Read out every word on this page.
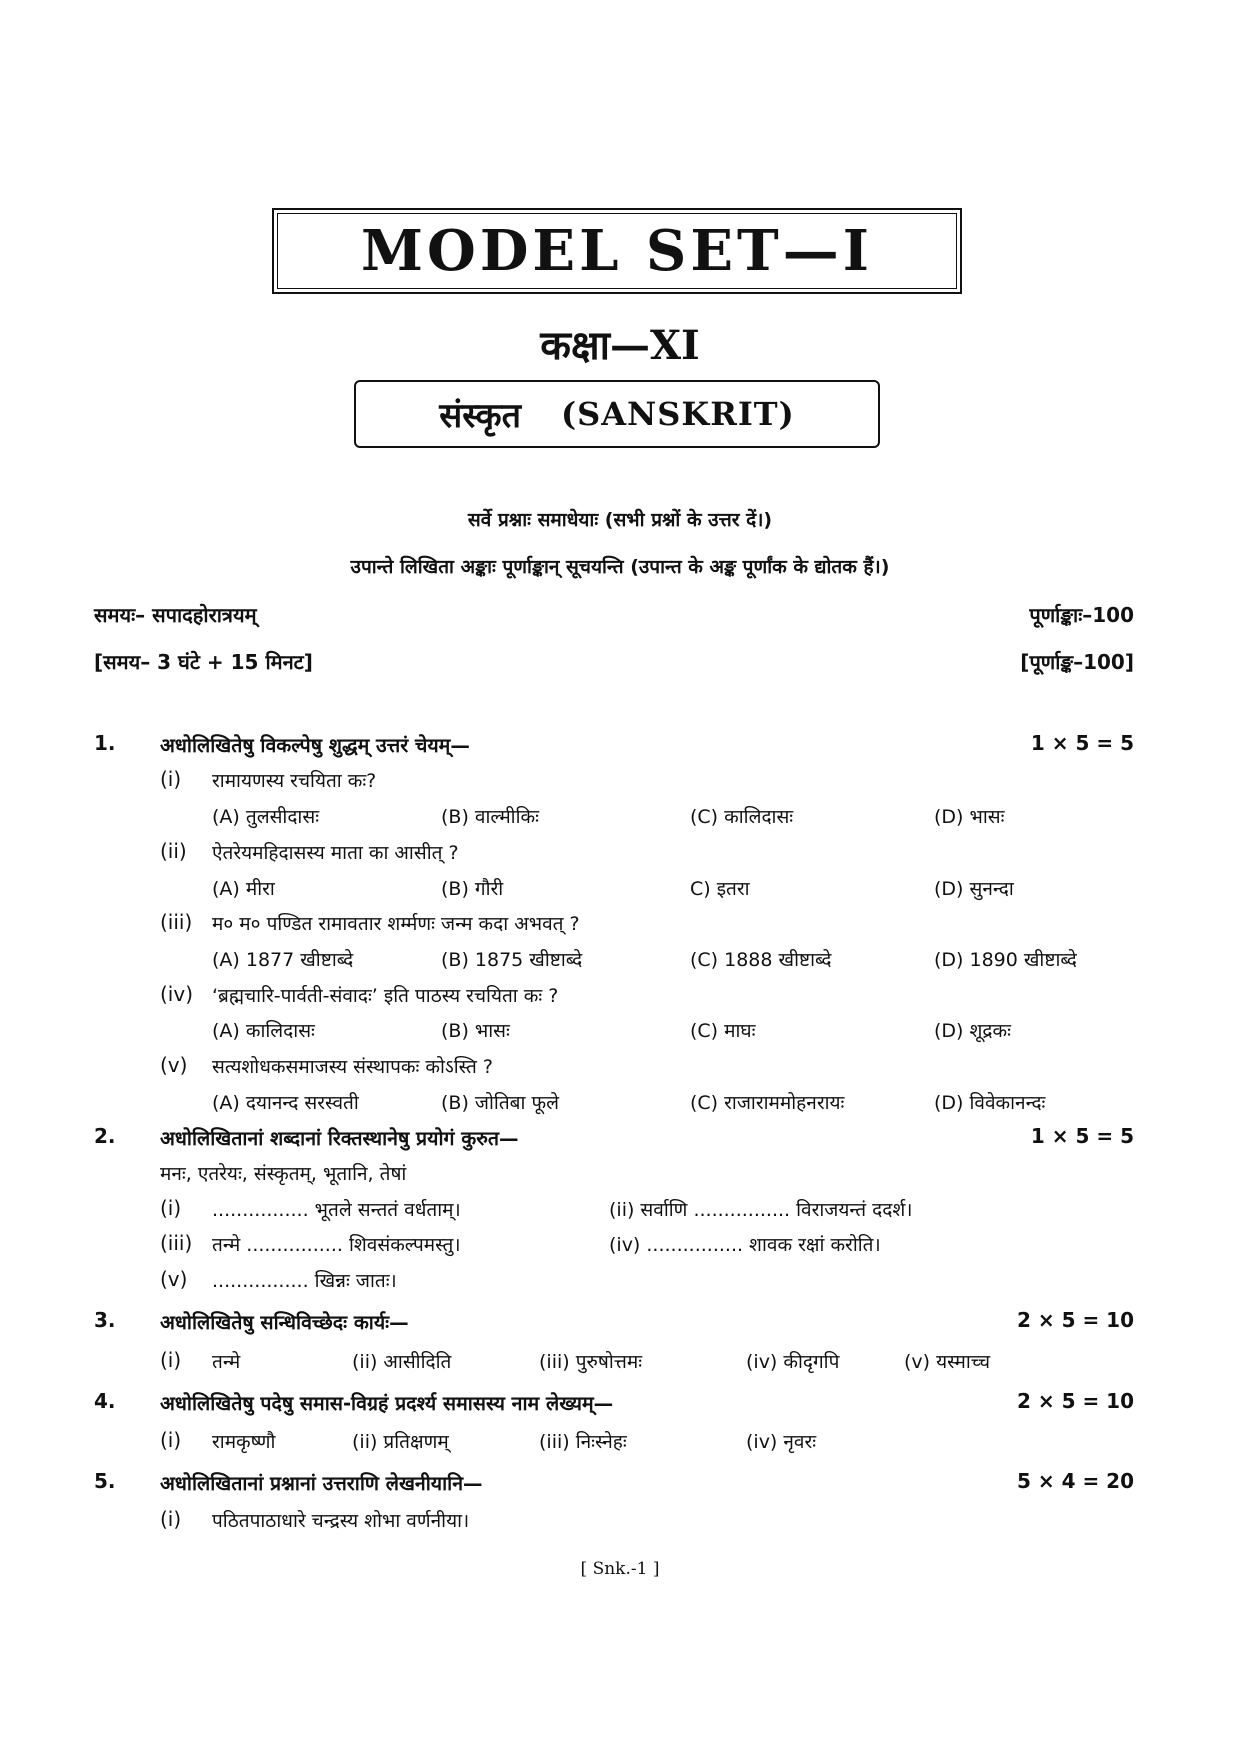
MODEL SET—I
कक्षा—XI
संस्कृत (SANSKRIT)
सर्वे प्रश्नाः समाधेयाः (सभी प्रश्नों के उत्तर दें।)
उपान्ते लिखिता अङ्काः पूर्णाङ्कान् सूचयन्ति (उपान्त के अङ्क पूर्णांक के द्योतक हैं।)
समयः– सपादहोरात्रयम्	पूर्णाङ्काः–100
[समय– 3 घंटे + 15 मिनट]	[पूर्णाङ्क–100]
1. अधोलिखितेषु विकल्पेषु शुद्धम् उत्तरं चेयम्—	1 × 5 = 5
(i) रामायणस्य रचयिता कः?
(A) तुलसीदासः	(B) वाल्मीकिः	(C) कालिदासः	(D) भासः
(ii) ऐतरेयमहिदासस्य माता का आसीत् ?
(A) मीरा	(B) गौरी	C) इतरा	(D) सुनन्दा
(iii) म० म० पण्डित रामावतार शर्म्मणः जन्म कदा अभवत् ?
(A) 1877 खीष्टाब्दे	(B) 1875 खीष्टाब्दे	(C) 1888 खीष्टाब्दे	(D) 1890 खीष्टाब्दे
(iv) ‘ब्रह्मचारि-पार्वती-संवादः’ इति पाठस्य रचयिता कः ?
(A) कालिदासः	(B) भासः	(C) माघः	(D) शूद्रकः
(v) सत्यशोधकसमाजस्य संस्थापकः कोऽस्ति ?
(A) दयानन्द सरस्वती	(B) जोतिबा फूले	(C) राजाराममोहनरायः	(D) विवेकानन्दः
2. अधोलिखितानां शब्दानां रिक्तस्थानेषु प्रयोगं कुरुत—	1 × 5 = 5
मनः, एतरेयः, संस्कृतम्, भूतानि, तेषां
(i) ................ भूतले सन्ततं वर्धताम्।	(ii) सर्वाणि ................ विराजयन्तं ददर्श।
(iii) तन्मे ................ शिवसंकल्पमस्तु।	(iv) ................ शावक रक्षां करोति।
(v) ................ खिन्नः जातः।
3. अधोलिखितेषु सन्धिविच्छेदः कार्यः—	2 × 5 = 10
(i) तन्मे	(ii) आसीदिति	(iii) पुरुषोत्तमः	(iv) कीदृगपि	(v) यस्माच्च
4. अधोलिखितेषु पदेषु समास-विग्रहं प्रदर्श्य समासस्य नाम लेख्यम्—	2 × 5 = 10
(i) रामकृष्णौ	(ii) प्रतिक्षणम्	(iii) निःस्नेहः	(iv) नृवरः
5. अधोलिखितानां प्रश्नानां उत्तराणि लेखनीयानि—	5 × 4 = 20
(i) पठितपाठाधारे चन्द्रस्य शोभा वर्णनीया।
[ Snk.-1 ]
